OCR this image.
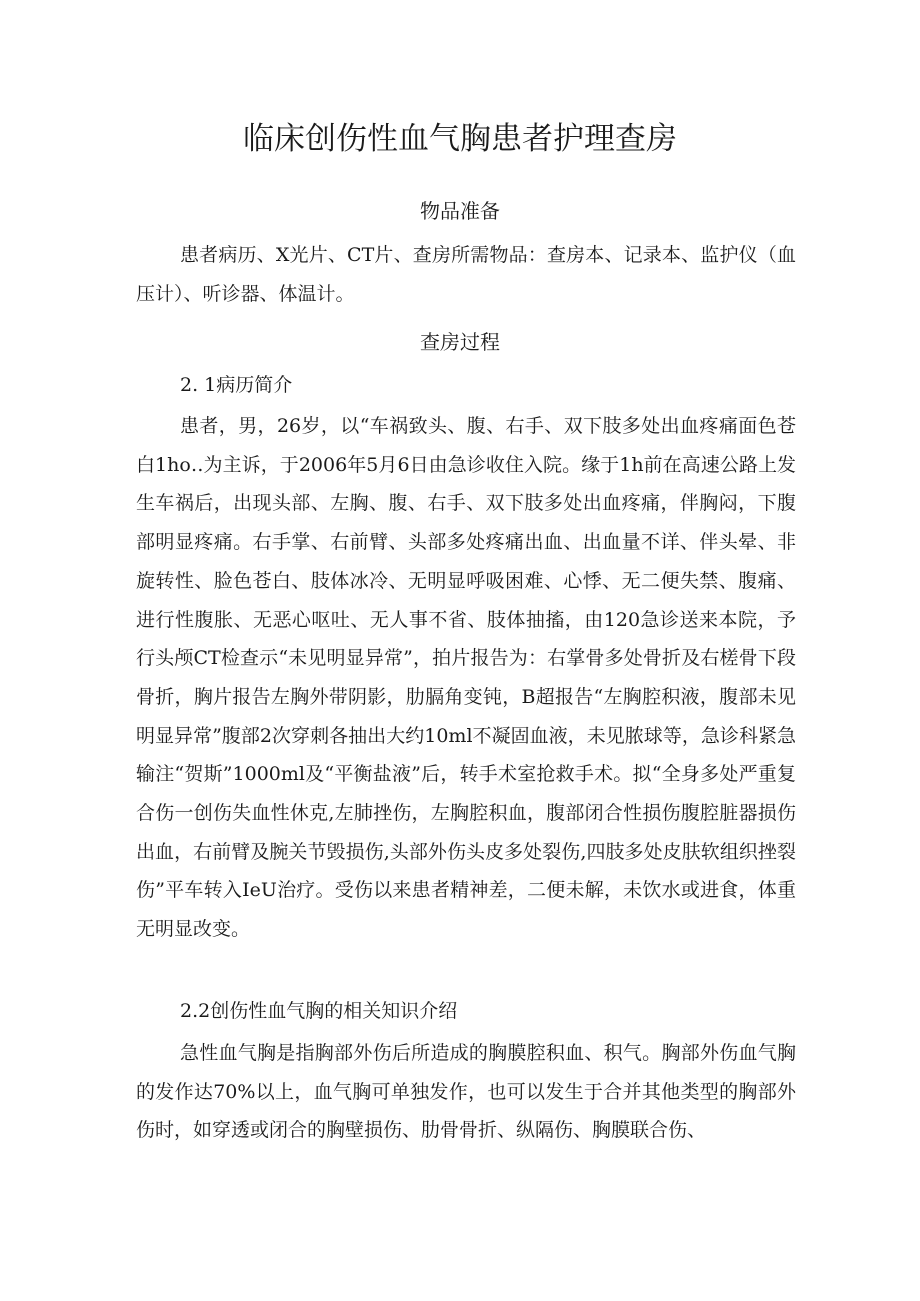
临床创伤性血气胸患者护理查房
物品准备

患者病历、X光片、CT片、查房所需物品：查房本、记录本、监护仪（血压计）、听诊器、体温计。

查房过程
2. 1病历简介

患者，男，26岁，以“车祸致头、腹、右手、双下肢多处出血疼痛面色苍白1ho‥为主诉，于2006年5月6日由急诊收住入院。缘于1h前在高速公路上发生车祸后，出现头部、左胸、腹、右手、双下肢多处出血疼痛，伴胸闷，下腹部明显疼痛。右手掌、右前臂、头部多处疼痛出血、出血量不详、伴头晕、非旋转性、脸色苍白、肢体冰冷、无明显呼吸困难、心悸、无二便失禁、腹痛、进行性腹胀、无恶心呕吐、无人事不省、肢体抽搐，由120急诊送来本院，予行头颅CT检查示“未见明显异常”，拍片报告为：右掌骨多处骨折及右槎骨下段骨折，胸片报告左胸外带阴影，肋膈角变钝，B超报告“左胸腔积液，腹部未见明显异常”腹部2次穿刺各抽出大约10ml不凝固血液，未见脓球等，急诊科紧急输注“贺斯”1000ml及“平衡盐液”后，转手术室抢救手术。拟“全身多处严重复合伤一创伤失血性休克,左肺挫伤，左胸腔积血，腹部闭合性损伤腹腔脏器损伤出血，右前臂及腕关节毁损伤,头部外伤头皮多处裂伤,四肢多处皮肤软组织挫裂伤”平车转入IeU治疗。受伤以来患者精神差，二便未解，未饮水或进食，体重无明显改变。

2.2创伤性血气胸的相关知识介绍

急性血气胸是指胸部外伤后所造成的胸膜腔积血、积气。胸部外伤血气胸的发作达70%以上，血气胸可单独发作，也可以发生于合并其他类型的胸部外伤时，如穿透或闭合的胸壁损伤、肋骨骨折、纵隔伤、胸膜联合伤、
